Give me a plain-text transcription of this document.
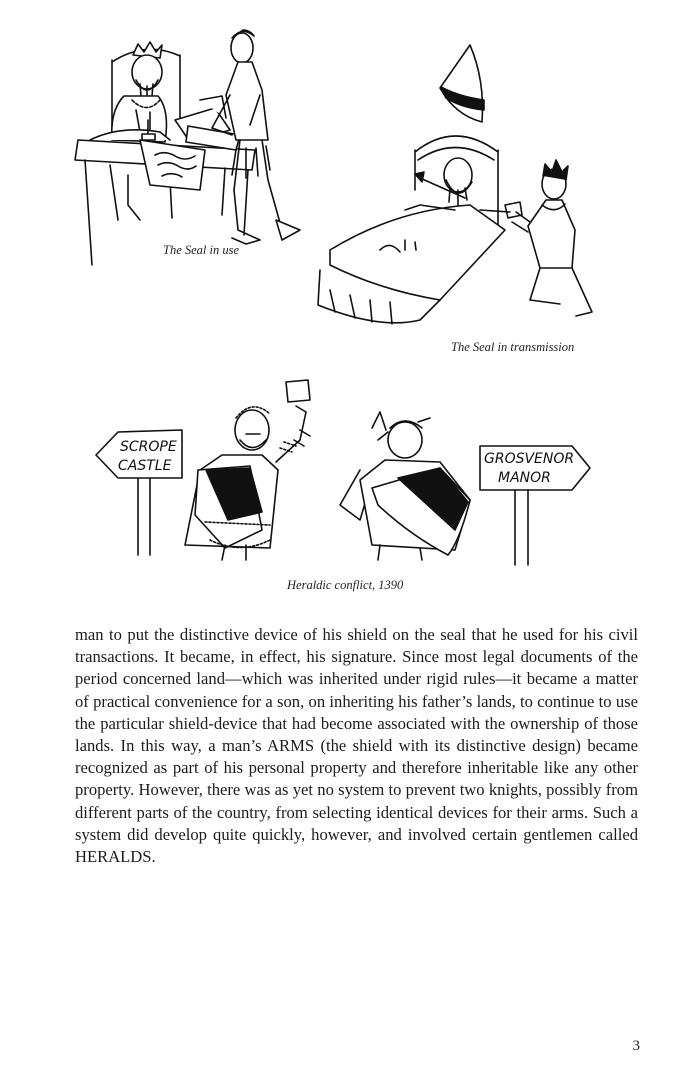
SCROPE
CASTLE	GROSVENOR
MANOR
The Seal in use
The Seal in transmission
Heraldic conflict, 1390

man to put the distinctive device of his shield on the seal that he used for his civil transactions. It became, in effect, his signature. Since most legal documents of the period concerned land—which was inherited under rigid rules—it became a matter of practical convenience for a son, on inheriting his father’s lands, to continue to use the particular shield-device that had become associated with the ownership of those lands. In this way, a man’s ARMS (the shield with its distinctive design) became recognized as part of his personal property and therefore inheritable like any other property. However, there was as yet no system to prevent two knights, possibly from different parts of the country, from selecting identical devices for their arms. Such a system did develop quite quickly, however, and involved certain gentlemen called HERALDS.

3
